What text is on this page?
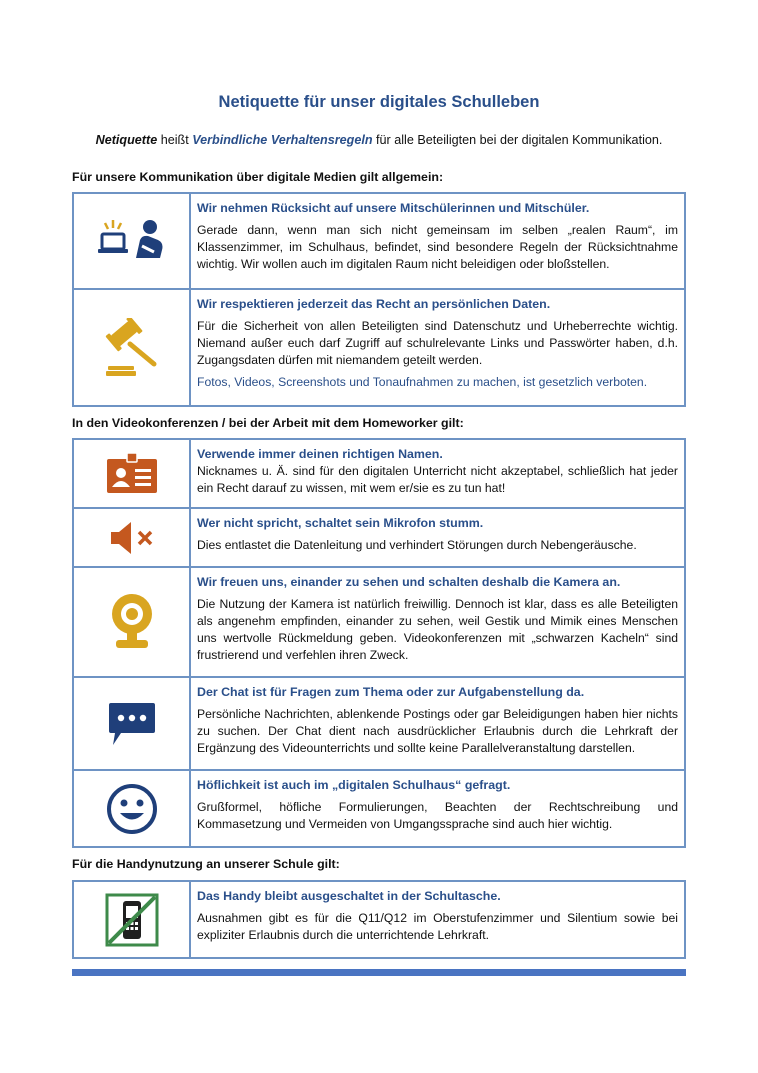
Netiquette für unser digitales Schulleben
Netiquette heißt Verbindliche Verhaltensregeln für alle Beteiligten bei der digitalen Kommunikation.
Für unsere Kommunikation über digitale Medien gilt allgemein:

Wir nehmen Rücksicht auf unsere Mitschülerinnen und Mitschüler.
Gerade dann, wenn man sich nicht gemeinsam im selben „realen Raum“, im Klassenzimmer, im Schulhaus, befindet, sind besondere Regeln der Rücksichtnahme wichtig. Wir wollen auch im digitalen Raum nicht beleidigen oder bloßstellen.

Wir respektieren jederzeit das Recht an persönlichen Daten.
Für die Sicherheit von allen Beteiligten sind Datenschutz und Urheberrechte wichtig. Niemand außer euch darf Zugriff auf schulrelevante Links und Passwörter haben, d.h. Zugangsdaten dürfen mit niemandem geteilt werden.
Fotos, Videos, Screenshots und Tonaufnahmen zu machen, ist gesetzlich verboten.
In den Videokonferenzen / bei der Arbeit mit dem Homeworker gilt:

Verwende immer deinen richtigen Namen.
Nicknames u. Ä. sind für den digitalen Unterricht nicht akzeptabel, schließlich hat jeder ein Recht darauf zu wissen, mit wem er/sie es zu tun hat!

Wer nicht spricht, schaltet sein Mikrofon stumm.
Dies entlastet die Datenleitung und verhindert Störungen durch Nebengeräusche.

Wir freuen uns, einander zu sehen und schalten deshalb die Kamera an.
Die Nutzung der Kamera ist natürlich freiwillig. Dennoch ist klar, dass es alle Beteiligten als angenehm empfinden, einander zu sehen, weil Gestik und Mimik eines Menschen uns wertvolle Rückmeldung geben. Videokonferenzen mit „schwarzen Kacheln“ sind frustrierend und verfehlen ihren Zweck.

Der Chat ist für Fragen zum Thema oder zur Aufgabenstellung da.
Persönliche Nachrichten, ablenkende Postings oder gar Beleidigungen haben hier nichts zu suchen. Der Chat dient nach ausdrücklicher Erlaubnis durch die Lehrkraft der Ergänzung des Videounterrichts und sollte keine Parallelveranstaltung darstellen.

Höflichkeit ist auch im „digitalen Schulhaus“ gefragt.
Grußformel, höfliche Formulierungen, Beachten der Rechtschreibung und Kommasetzung und Vermeiden von Umgangssprache sind auch hier wichtig.
Für die Handynutzung an unserer Schule gilt:

Das Handy bleibt ausgeschaltet in der Schultasche.
Ausnahmen gibt es für die Q11/Q12 im Oberstufenzimmer und Silentium sowie bei expliziter Erlaubnis durch die unterrichtende Lehrkraft.
